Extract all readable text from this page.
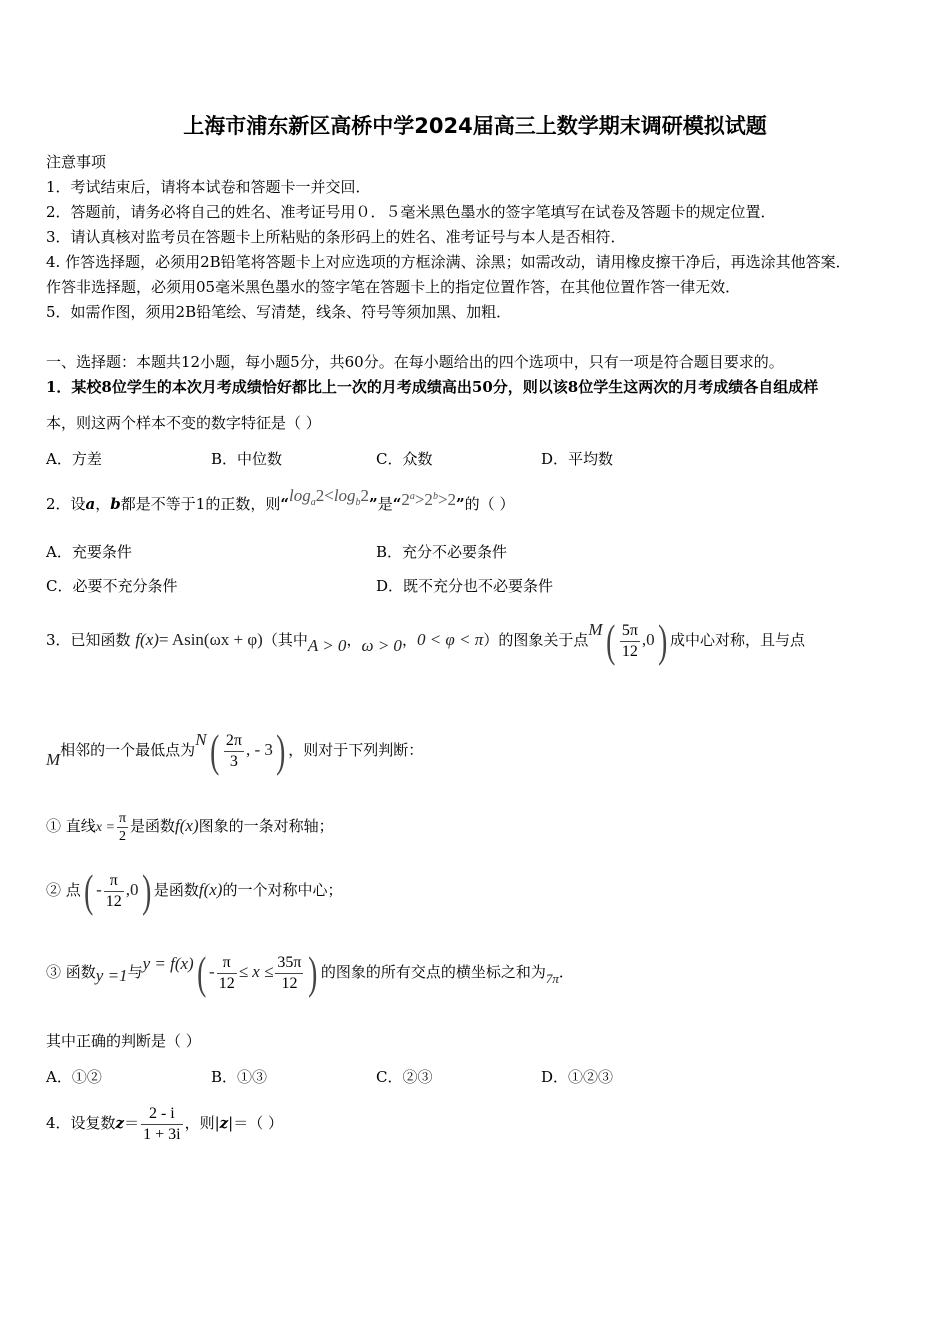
上海市浦东新区高桥中学2024届高三上数学期末调研模拟试题
注意事项
1．考试结束后，请将本试卷和答题卡一并交回．
2．答题前，请务必将自己的姓名、准考证号用０．５毫米黑色墨水的签字笔填写在试卷及答题卡的规定位置．
3．请认真核对监考员在答题卡上所粘贴的条形码上的姓名、准考证号与本人是否相符．
4. 作答选择题，必须用2B铅笔将答题卡上对应选项的方框涂满、涂黑；如需改动，请用橡皮擦干净后，再选涂其他答案．
作答非选择题，必须用05毫米黑色墨水的签字笔在答题卡上的指定位置作答，在其他位置作答一律无效．
5．如需作图，须用2B铅笔绘、写清楚，线条、符号等须加黑、加粗．
一、选择题：本题共12小题，每小题5分，共60分。在每小题给出的四个选项中，只有一项是符合题目要求的。
1．某校8位学生的本次月考成绩恰好都比上一次的月考成绩高出50分，则以该8位学生这两次的月考成绩各自组成样
本，则这两个样本不变的数字特征是（ ）
A．方差	B．中位数	C．众数	D．平均数
2．设a，b都是不等于1的正数，则“$\log_a2<\log_b2$”是“$2^a>2^b>2$”的（ ）
A．充要条件	B．充分不必要条件
C．必要不充分条件	D．既不充分也不必要条件
3．已知函数 f(x)= Asin(ωx + φ)（其中A > 0，ω > 0，0 < φ < π）的图象关于点$M( \frac{5\pi}{12} ,0)$ 成中心对称，且与点
M相邻的一个最低点为$N( \frac{2\pi}{3}$ , - 3) ，则对于下列判断：
① 直线$x = \frac{\pi}{2}$ 是函数f(x)图象的一条对称轴；
② 点( - $\frac{\pi}{12} ,0$) 是函数f(x)的一个对称中心；
③ 函数y =1与$y = f(x)( - \frac{\pi}{12} \le x \le \frac{35\pi}{12}$ ) 的图象的所有交点的横坐标之和为7π．
其中正确的判断是（ ）
A．①②	B．①③	C．②③	D．①②③
4．设复数$z= \frac{2 - i}{1 + 3i}$ ，则|z|＝（ ）
